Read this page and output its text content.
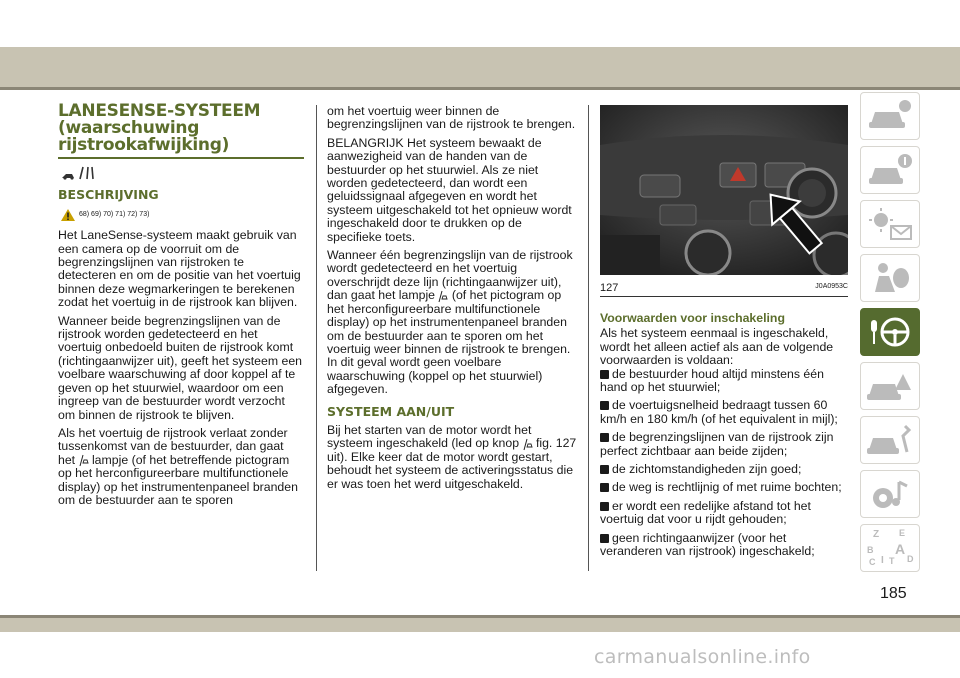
LANESENSE-SYSTEEM
(waarschuwing
rijstrookafwijking)
BESCHRIJVING
68) 69) 70) 71) 72) 73)

Het LaneSense-systeem maakt gebruik van een camera op de voorruit om de begrenzingslijnen van rijstroken te detecteren en om de positie van het voertuig binnen deze wegmarkeringen te berekenen zodat het voertuig in de rijstrook kan blijven.

Wanneer beide begrenzingslijnen van de rijstrook worden gedetecteerd en het voertuig onbedoeld buiten de rijstrook komt (richtingaanwijzer uit), geeft het systeem een voelbare waarschuwing af door koppel af te geven op het stuurwiel, waardoor om een ingreep van de bestuurder wordt verzocht om binnen de rijstrook te blijven.

Als het voertuig de rijstrook verlaat zonder tussenkomst van de bestuurder, dan gaat het lampje (of het betreffende pictogram op het herconfigureerbare multifunctionele display) op het instrumentenpaneel branden om de bestuurder aan te sporen

om het voertuig weer binnen de begrenzingslijnen van de rijstrook te brengen.

BELANGRIJK Het systeem bewaakt de aanwezigheid van de handen van de bestuurder op het stuurwiel. Als ze niet worden gedetecteerd, dan wordt een geluidssignaal afgegeven en wordt het systeem uitgeschakeld tot het opnieuw wordt ingeschakeld door te drukken op de specifieke toets.

Wanneer één begrenzingslijn van de rijstrook wordt gedetecteerd en het voertuig overschrijdt deze lijn (richtingaanwijzer uit), dan gaat het lampje (of het pictogram op het herconfigureerbare multifunctionele display) op het instrumentenpaneel branden om de bestuurder aan te sporen om het voertuig weer binnen de rijstrook te brengen. In dit geval wordt geen voelbare waarschuwing (koppel op het stuurwiel) afgegeven.

SYSTEEM AAN/UIT

Bij het starten van de motor wordt het systeem ingeschakeld (led op knop fig. 127 uit). Elke keer dat de motor wordt gestart, behoudt het systeem de activeringsstatus die er was toen het werd uitgeschakeld.

127	J0A0953C
Voorwaarden voor inschakeling

Als het systeem eenmaal is ingeschakeld, wordt het alleen actief als aan de volgende voorwaarden is voldaan:

de bestuurder houd altijd minstens één hand op het stuurwiel;

de voertuigsnelheid bedraagt tussen 60 km/h en 180 km/h (of het equivalent in mijl);

de begrenzingslijnen van de rijstrook zijn perfect zichtbaar aan beide zijden;

de zichtomstandigheden zijn goed;

de weg is rechtlijnig of met ruime bochten;

er wordt een redelijke afstand tot het voertuig dat voor u rijdt gehouden;

geen richtingaanwijzer (voor het veranderen van rijstrook) ingeschakeld;

Z E
B A
C	D
I T
185
carmanualsonline.info
